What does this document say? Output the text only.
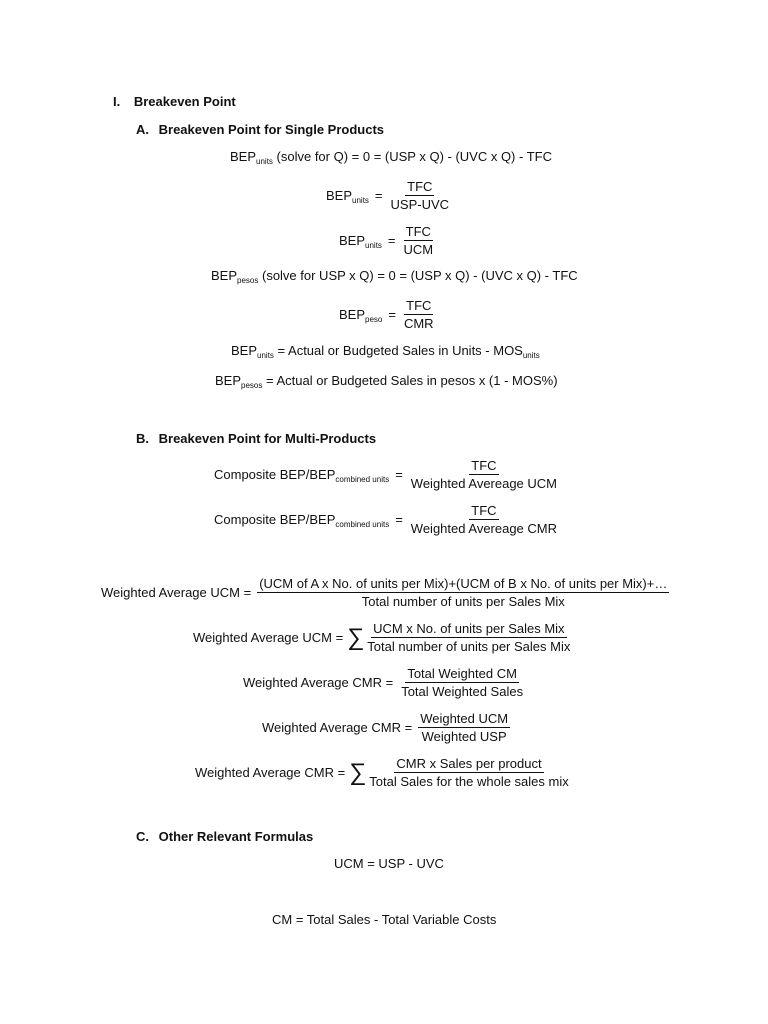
I. Breakeven Point
A. Breakeven Point for Single Products
$BEP_{units}$ (solve for Q) = 0 = (USP x Q) - (UVC x Q) - TFC
$BEP_{units} = \frac{\text{TFC}}{\text{USP-UVC}}$
$BEP_{units} = \frac{\text{TFC}}{\text{UCM}}$
$BEP_{pesos}$ (solve for USP x Q) = 0 = (USP x Q) - (UVC x Q) - TFC
$BEP_{peso} = \frac{\text{TFC}}{\text{CMR}}$
$BEP_{units}$ = Actual or Budgeted Sales in Units - $MOS_{units}$
$BEP_{pesos}$ = Actual or Budgeted Sales in pesos x (1 - MOS%)
B. Breakeven Point for Multi-Products
Composite BEP/$BEP_{combined units} = \frac{\text{TFC}}{\text{Weighted Avereage UCM}}$
Composite BEP/$BEP_{combined units} = \frac{\text{TFC}}{\text{Weighted Avereage CMR}}$
Weighted Average UCM =
(UCM of A x No. of units per Mix)+(UCM of B x No. of units per Mix)+…
Total number of units per Sales Mix
Weighted Average UCM = ∑ $\frac{\text{UCM x No. of units per Sales Mix}}{\text{Total number of units per Sales Mix}}$
Weighted Average CMR = $\frac{\text{Total Weighted CM}}{\text{Total Weighted Sales}}$
Weighted Average CMR = $\frac{\text{Weighted UCM}}{\text{Weighted USP}}$
Weighted Average CMR = ∑ $\frac{\text{CMR x Sales per product}}{\text{Total Sales for the whole sales mix}}$
C. Other Relevant Formulas
UCM = USP - UVC
CM = Total Sales - Total Variable Costs
